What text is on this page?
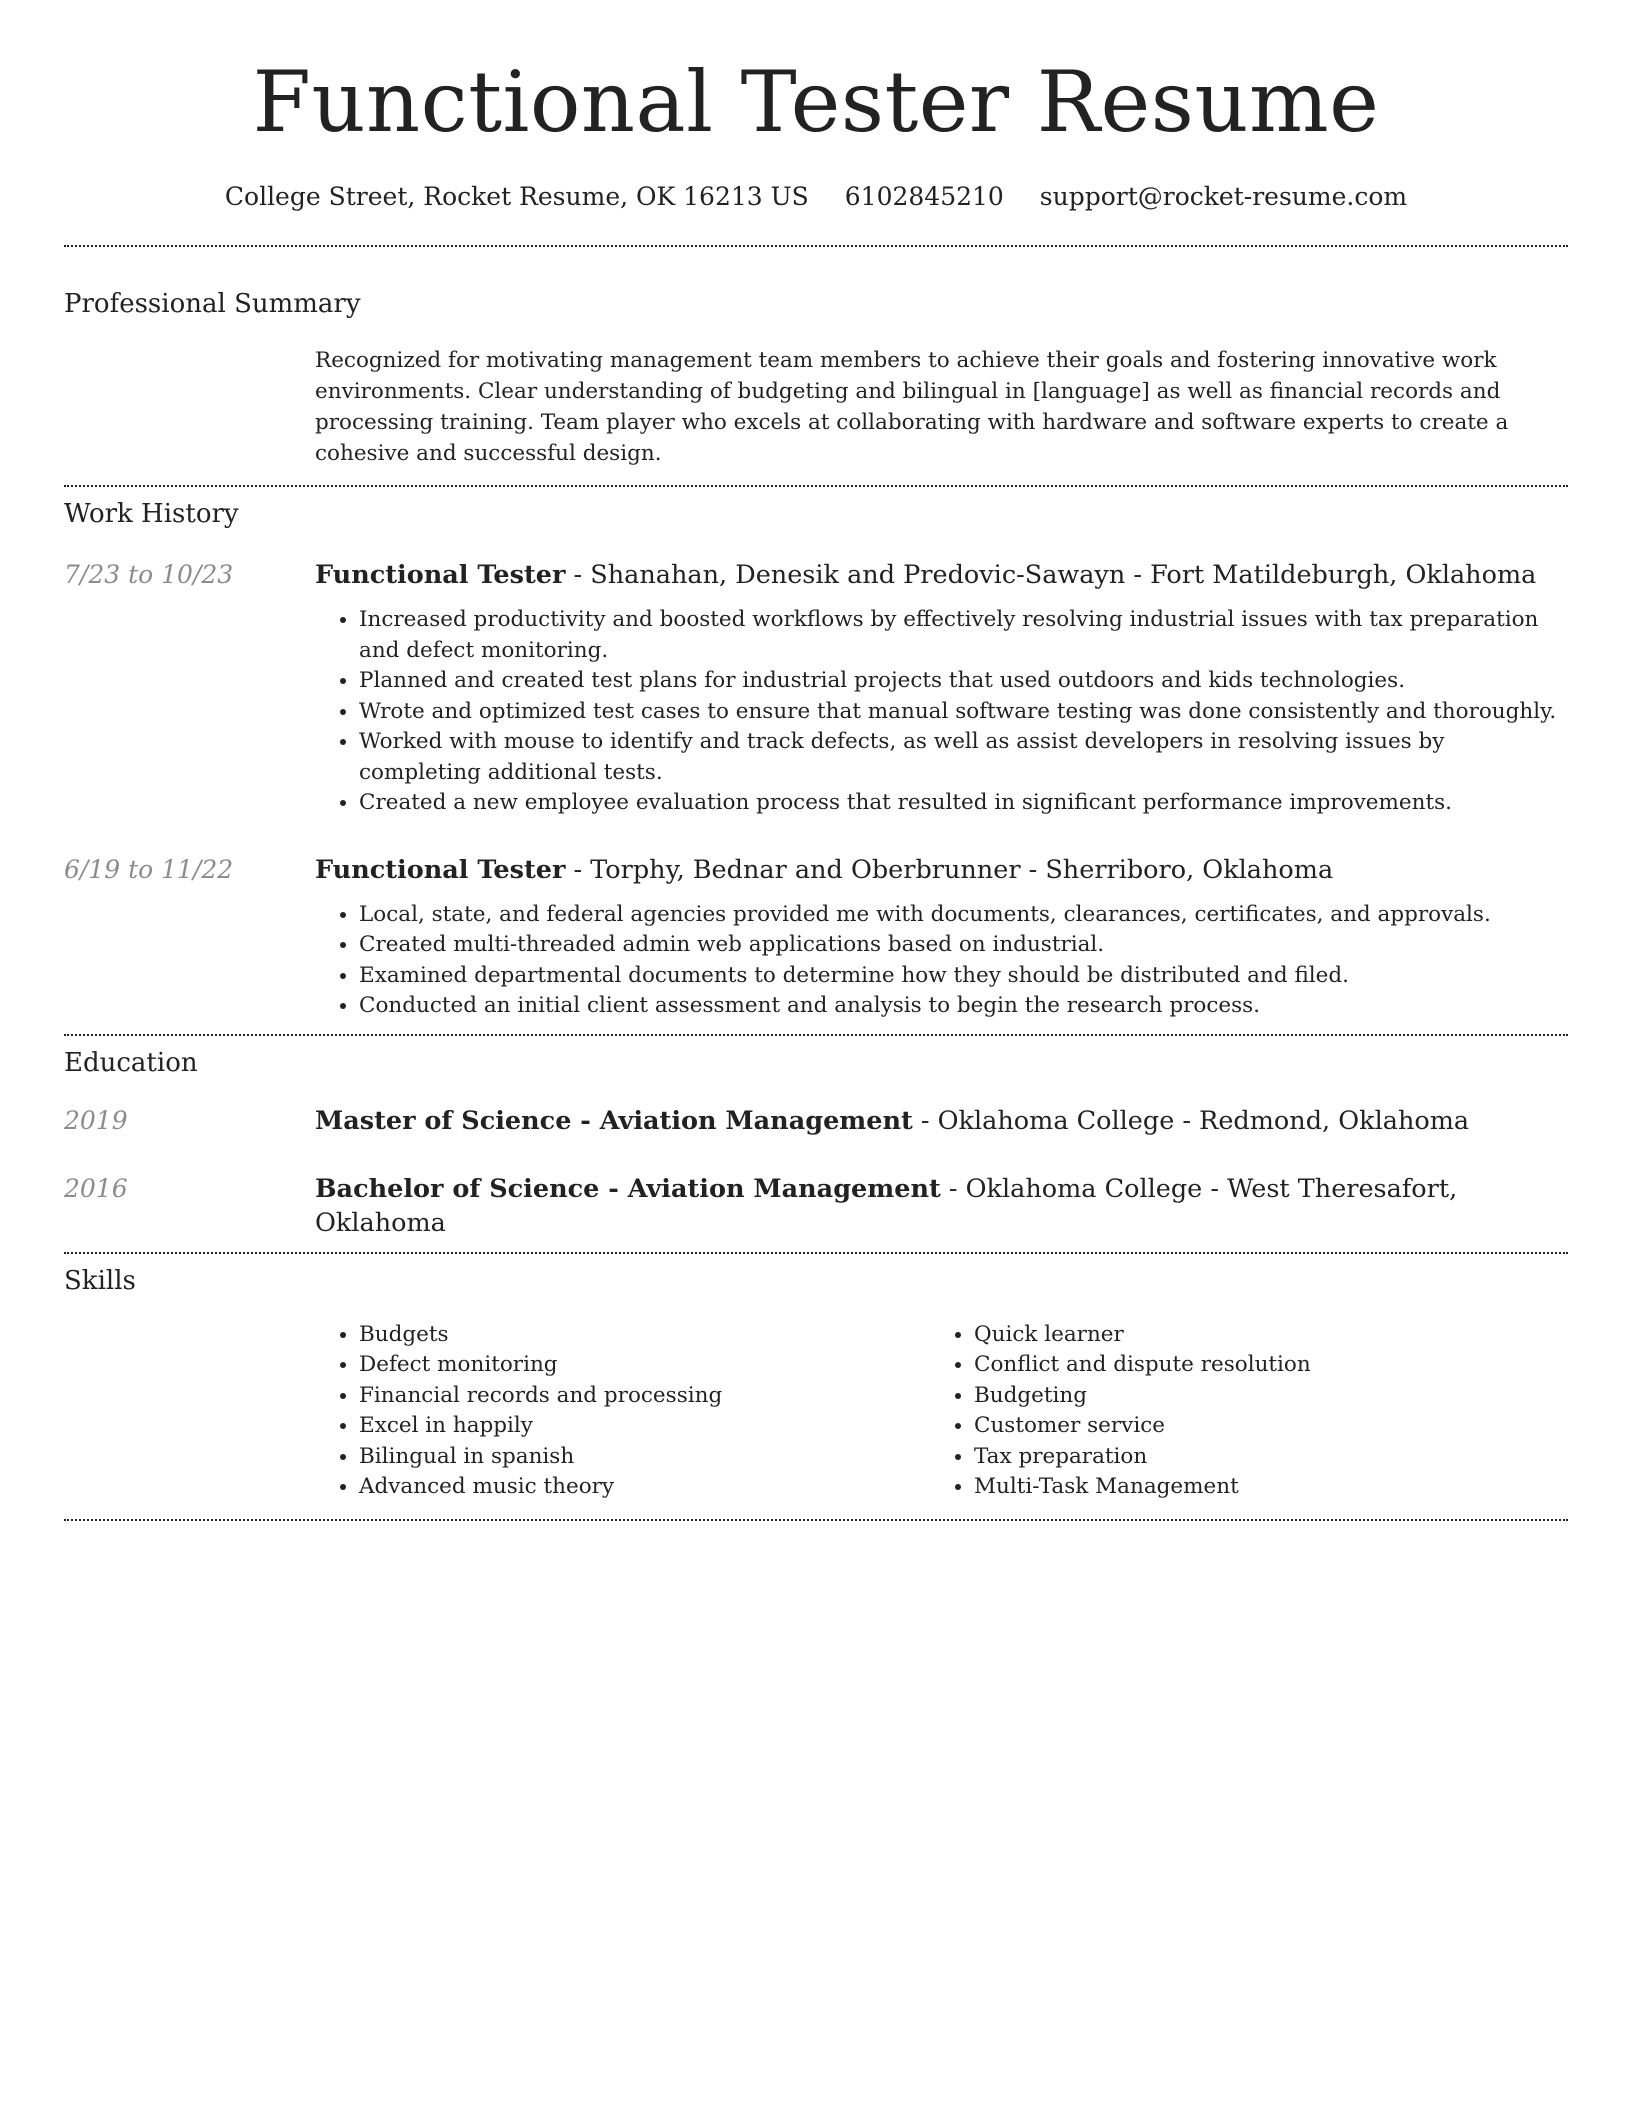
Functional Tester Resume
College Street, Rocket Resume, OK 16213 US 6102845210 support@rocket-resume.com
Professional Summary

Recognized for motivating management team members to achieve their goals and fostering innovative work environments. Clear understanding of budgeting and bilingual in [language] as well as financial records and processing training. Team player who excels at collaborating with hardware and software experts to create a cohesive and successful design.

Work History
7/23 to 10/23	Functional Tester - Shanahan, Denesik and Predovic-Sawayn - Fort Matildeburgh, Oklahoma
• Increased productivity and boosted workflows by effectively resolving industrial issues with tax preparation and defect monitoring.
• Planned and created test plans for industrial projects that used outdoors and kids technologies.
• Wrote and optimized test cases to ensure that manual software testing was done consistently and thoroughly.
• Worked with mouse to identify and track defects, as well as assist developers in resolving issues by completing additional tests.
• Created a new employee evaluation process that resulted in significant performance improvements.
6/19 to 11/22	Functional Tester - Torphy, Bednar and Oberbrunner - Sherriboro, Oklahoma
• Local, state, and federal agencies provided me with documents, clearances, certificates, and approvals.
• Created multi-threaded admin web applications based on industrial.
• Examined departmental documents to determine how they should be distributed and filed.
• Conducted an initial client assessment and analysis to begin the research process.
Education
2019	Master of Science - Aviation Management - Oklahoma College - Redmond, Oklahoma
2016	Bachelor of Science - Aviation Management - Oklahoma College - West Theresafort, Oklahoma
Skills
• Budgets
• Defect monitoring
• Financial records and processing
• Excel in happily
• Bilingual in spanish
• Advanced music theory
• Quick learner
• Conflict and dispute resolution
• Budgeting
• Customer service
• Tax preparation
• Multi-Task Management
